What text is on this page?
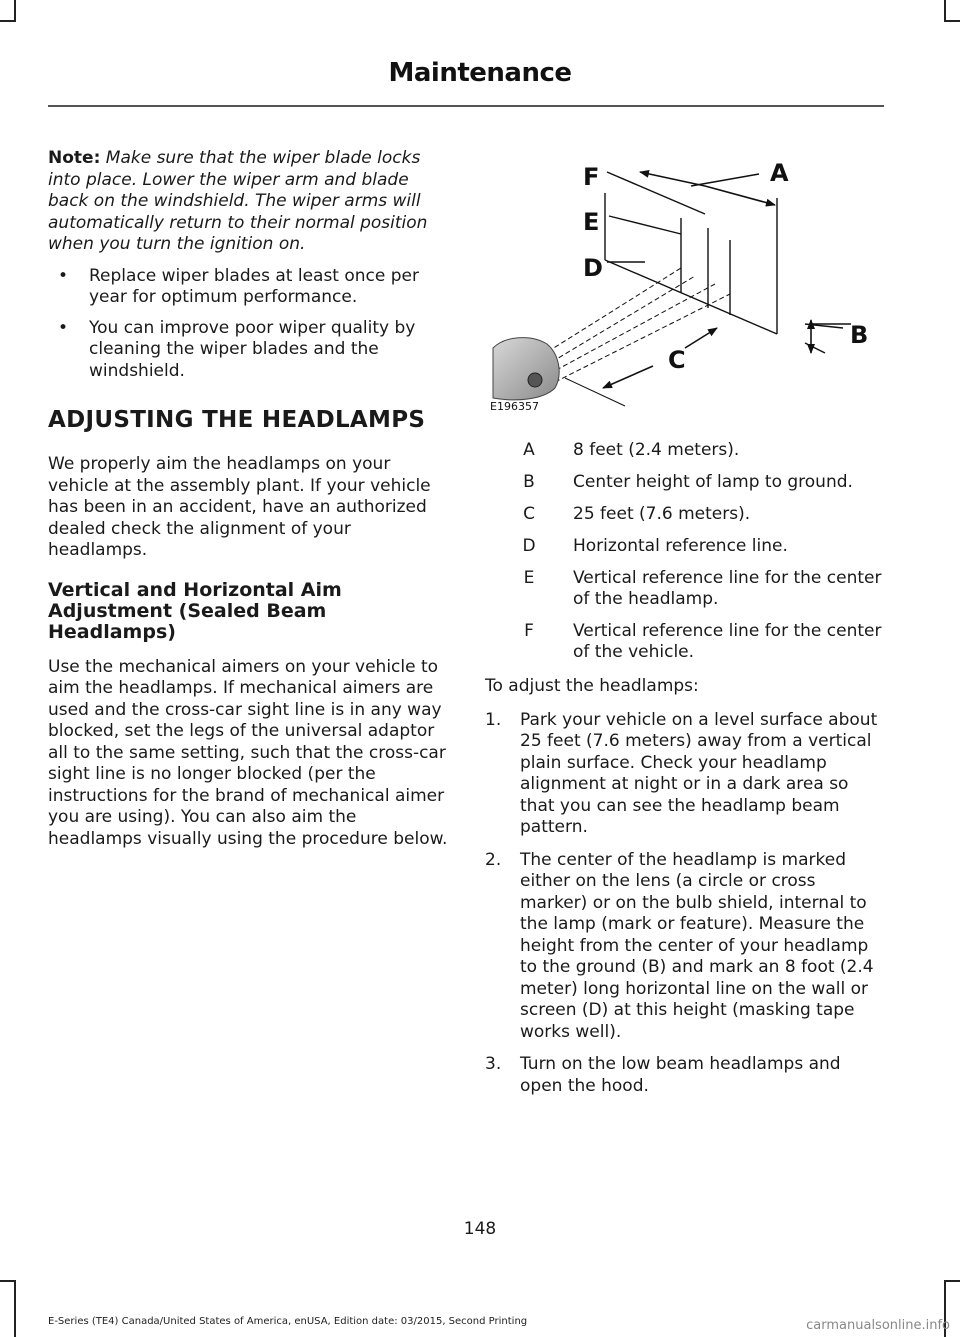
Maintenance

Note: Make sure that the wiper blade locks into place. Lower the wiper arm and blade back on the windshield. The wiper arms will automatically return to their normal position when you turn the ignition on.

• Replace wiper blades at least once per year for optimum performance.
• You can improve poor wiper quality by cleaning the wiper blades and the windshield.
ADJUSTING THE HEADLAMPS

We properly aim the headlamps on your vehicle at the assembly plant. If your vehicle has been in an accident, have an authorized dealed check the alignment of your headlamps.

Vertical and Horizontal Aim Adjustment (Sealed Beam Headlamps)

Use the mechanical aimers on your vehicle to aim the headlamps. If mechanical aimers are used and the cross-car sight line is in any way blocked, set the legs of the universal adaptor all to the same setting, such that the cross-car sight line is no longer blocked (per the instructions for the brand of mechanical aimer you are using). You can also aim the headlamps visually using the procedure below.

A
B
C
D
E
F
E196357
A	8 feet (2.4 meters).
B	Center height of lamp to ground.
C	25 feet (7.6 meters).
D	Horizontal reference line.
E	Vertical reference line for the center of the headlamp.
F	Vertical reference line for the center of the vehicle.

To adjust the headlamps:

1. Park your vehicle on a level surface about 25 feet (7.6 meters) away from a vertical plain surface. Check your headlamp alignment at night or in a dark area so that you can see the headlamp beam pattern.
2. The center of the headlamp is marked either on the lens (a circle or cross marker) or on the bulb shield, internal to the lamp (mark or feature). Measure the height from the center of your headlamp to the ground (B) and mark an 8 foot (2.4 meter) long horizontal line on the wall or screen (D) at this height (masking tape works well).
3. Turn on the low beam headlamps and open the hood.
148
E-Series (TE4) Canada/United States of America, enUSA, Edition date: 03/2015, Second Printing	carmanualsonline.info
